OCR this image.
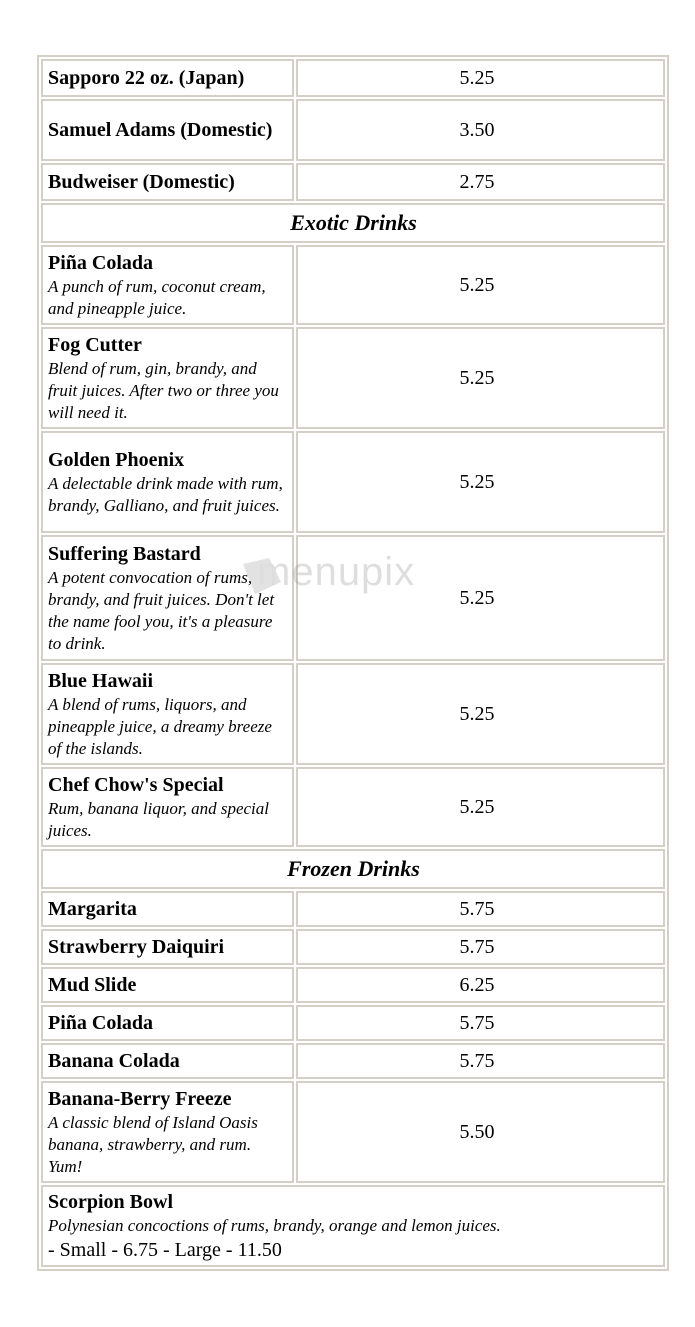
Sapporo 22 oz. (Japan)	5.25

Samuel Adams (Domestic)	3.50

Budweiser (Domestic)	2.75
Exotic Drinks	

Piña Colada
A punch of rum, coconut cream, and pineapple juice.	5.25

Fog Cutter
Blend of rum, gin, brandy, and fruit juices. After two or three you will need it.	5.25

Golden Phoenix
A delectable drink made with rum, brandy, Galliano, and fruit juices.	5.25

Suffering Bastard
A potent convocation of rums, brandy, and fruit juices. Don't let the name fool you, it's a pleasure to drink.	5.25

Blue Hawaii
A blend of rums, liquors, and pineapple juice, a dreamy breeze of the islands.	5.25

Chef Chow's Special
Rum, banana liquor, and special juices.	5.25
Frozen Drinks	

Margarita	5.75

Strawberry Daiquiri	5.75

Mud Slide	6.25

Piña Colada	5.75

Banana Colada	5.75

Banana-Berry Freeze
A classic blend of Island Oasis banana, strawberry, and rum. Yum!	5.50

Scorpion Bowl
Polynesian concoctions of rums, brandy, orange and lemon juices.
- Small - 6.75 - Large - 11.50	
menupix
